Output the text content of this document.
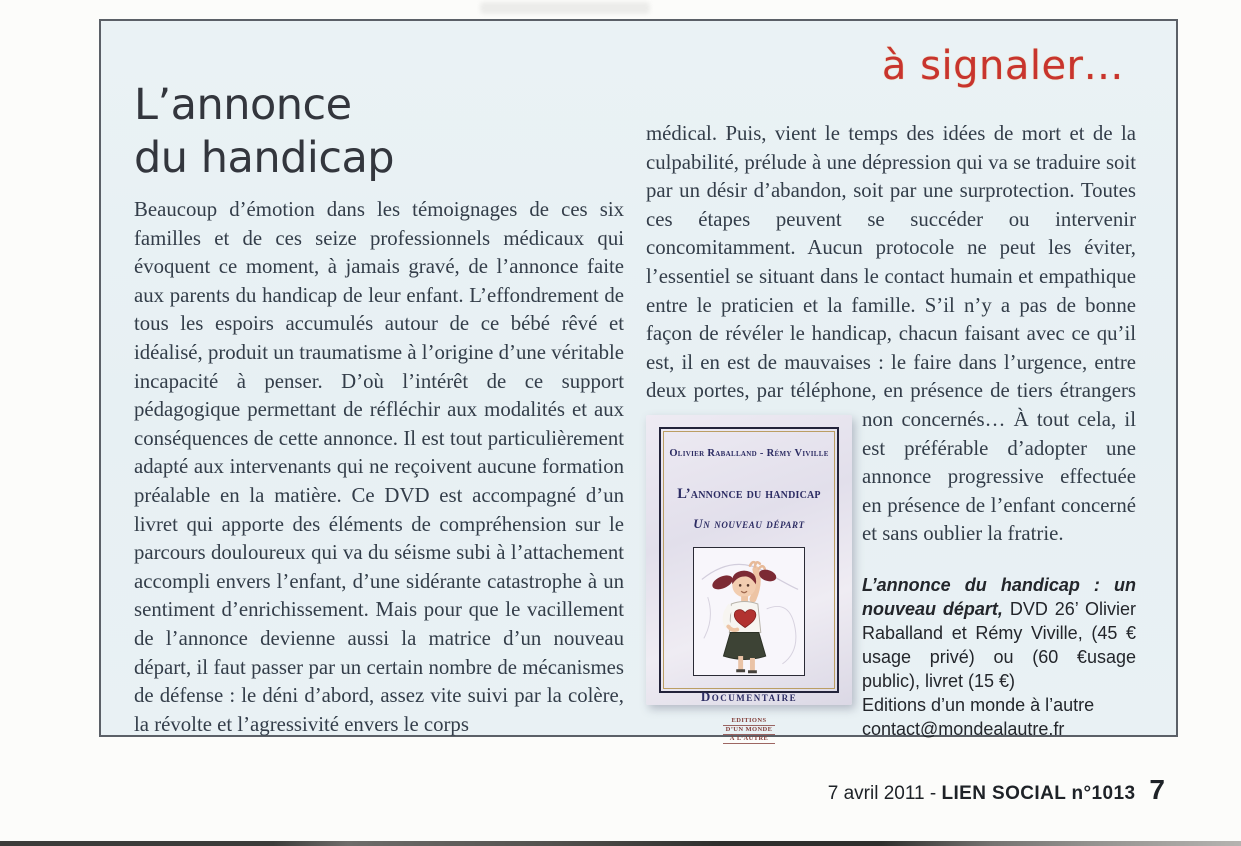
à signaler…
L’annonce
du handicap

Beaucoup d’émotion dans les témoignages de ces six familles et de ces seize professionnels médicaux qui évoquent ce moment, à jamais gravé, de l’annonce faite aux parents du handicap de leur enfant. L’effondrement de tous les espoirs accumulés autour de ce bébé rêvé et idéalisé, produit un traumatisme à l’origine d’une véritable incapacité à penser. D’où l’intérêt de ce support pédagogique permettant de réfléchir aux modalités et aux conséquences de cette annonce. Il est tout particulièrement adapté aux intervenants qui ne reçoivent aucune formation préalable en la matière. Ce DVD est accompagné d’un livret qui apporte des éléments de compréhension sur le parcours douloureux qui va du séisme subi à l’attachement accompli envers l’enfant, d’une sidérante catastrophe à un sentiment d’enrichissement. Mais pour que le vacillement de l’annonce devienne aussi la matrice d’un nouveau départ, il faut passer par un certain nombre de mécanismes de défense : le déni d’abord, assez vite suivi par la colère, la révolte et l’agressivité envers le corps

médical. Puis, vient le temps des idées de mort et de la culpabilité, prélude à une dépression qui va se traduire soit par un désir d’abandon, soit par une surprotection. Toutes ces étapes peuvent se succéder ou intervenir concomitamment. Aucun protocole ne peut les éviter, l’essentiel se situant dans le contact humain et empathique entre le praticien et la famille. S’il n’y a pas de bonne façon de révéler le handicap, chacun faisant avec ce qu’il est, il en est de mauvaises : le faire dans l’urgence, entre deux portes, par téléphone, en présence de tiers étrangers non concernés… À tout
Olivier Raballand - Rémy Viville
L’annonce du handicap
Un nouveau départ
Documentaire
EDITIONS
D’UN MONDE
À L’AUTRE
cela, il est préférable d’adopter une annonce progressive effectuée en présence de l’enfant concerné et sans oublier la fratrie.

L’annonce du handicap : un nouveau départ, DVD 26’ Olivier Raballand et Rémy Viville, (45 € usage privé) ou (60 €usage public), livret (15 €)

Editions d’un monde à l’autre
contact@mondealautre.fr
7 avril 2011 - LIEN SOCIAL n°1013 7
